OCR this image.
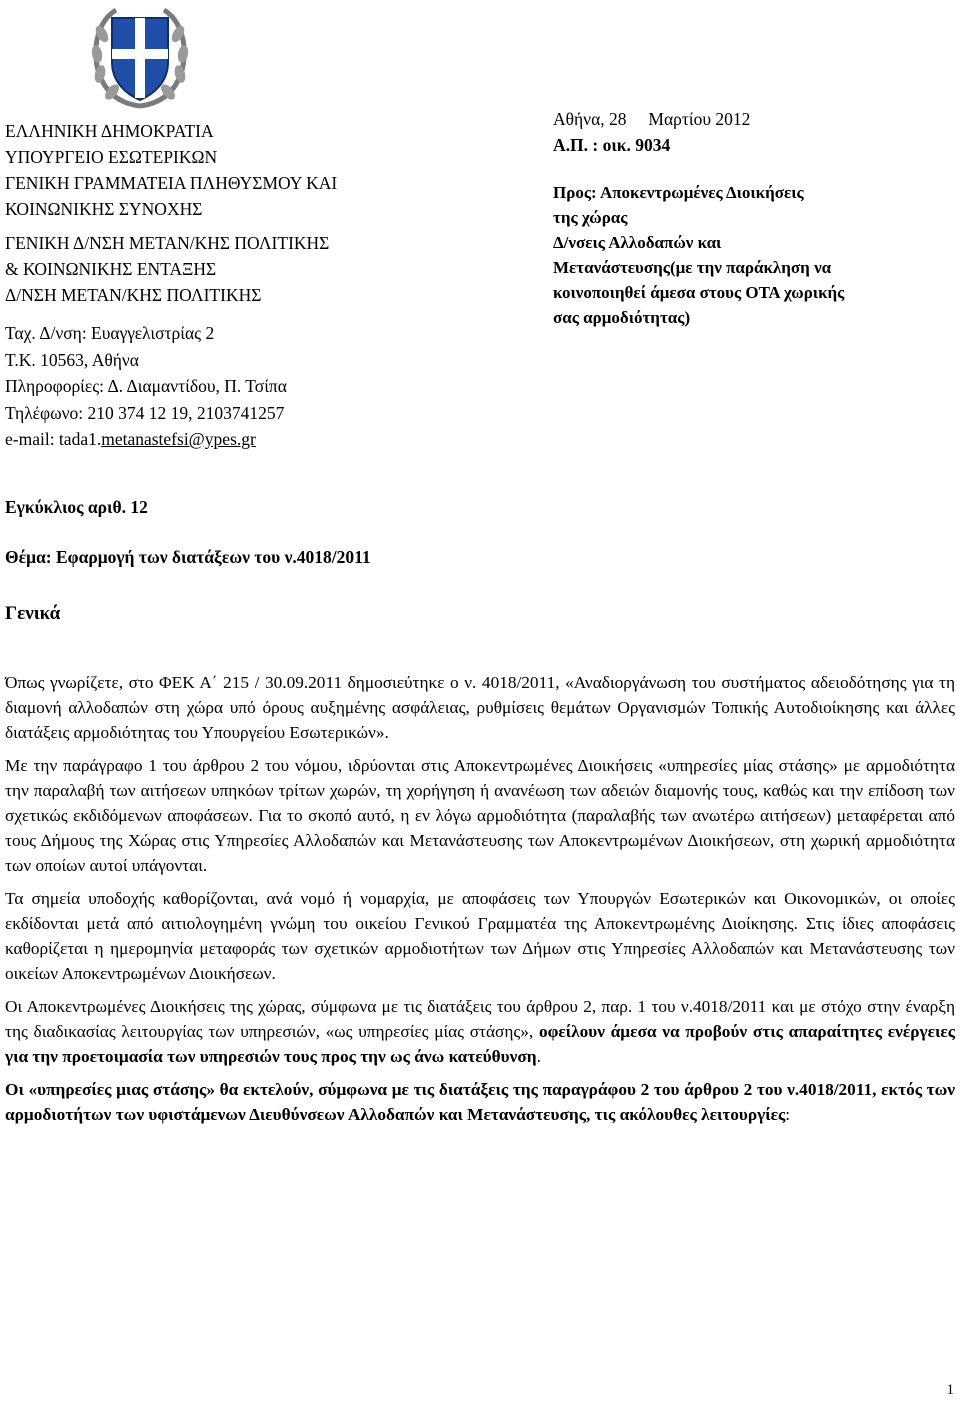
ΕΛΛΗΝΙΚΗ ΔΗΜΟΚΡΑΤΙΑ
ΥΠΟΥΡΓΕΙΟ ΕΣΩΤΕΡΙΚΩΝ
ΓΕΝΙΚΗ ΓΡΑΜΜΑΤΕΙΑ ΠΛΗΘΥΣΜΟΥ ΚΑΙ
ΚΟΙΝΩΝΙΚΗΣ ΣΥΝΟΧΗΣ
ΓΕΝΙΚΗ Δ/ΝΣΗ ΜΕΤΑΝ/ΚΗΣ ΠΟΛΙΤΙΚΗΣ
& ΚΟΙΝΩΝΙΚΗΣ ΕΝΤΑΞΗΣ
Δ/ΝΣΗ ΜΕΤΑΝ/ΚΗΣ ΠΟΛΙΤΙΚΗΣ
Ταχ. Δ/νση: Ευαγγελιστρίας 2
Τ.Κ. 10563, Αθήνα
Πληροφορίες: Δ. Διαμαντίδου, Π. Τσίπα
Τηλέφωνο: 210 374 12 19, 2103741257
e-mail: tada1.metanastefsi@ypes.gr
Αθήνα, 28     Μαρτίου 2012
Α.Π. : οικ. 9034
Προς: Αποκεντρωμένες Διοικήσεις
της χώρας
Δ/νσεις Αλλοδαπών και
Μετανάστευσης(με την παράκληση να
κοινοποιηθεί άμεσα στους ΟΤΑ χωρικής
σας αρμοδιότητας)
Εγκύκλιος αριθ. 12
Θέμα: Εφαρμογή των διατάξεων του ν.4018/2011
Γενικά

Όπως γνωρίζετε, στο ΦΕΚ Α΄ 215 / 30.09.2011 δημοσιεύτηκε ο ν. 4018/2011, «Αναδιοργάνωση του συστήματος αδειοδότησης για τη διαμονή αλλοδαπών στη χώρα υπό όρους αυξημένης ασφάλειας, ρυθμίσεις θεμάτων Οργανισμών Τοπικής Αυτοδιοίκησης και άλλες διατάξεις αρμοδιότητας του Υπουργείου Εσωτερικών».

Με την παράγραφο 1 του άρθρου 2 του νόμου, ιδρύονται στις Αποκεντρωμένες Διοικήσεις «υπηρεσίες μίας στάσης» με αρμοδιότητα την παραλαβή των αιτήσεων υπηκόων τρίτων χωρών, τη χορήγηση ή ανανέωση των αδειών διαμονής τους, καθώς και την επίδοση των σχετικώς εκδιδόμενων αποφάσεων. Για το σκοπό αυτό, η εν λόγω αρμοδιότητα (παραλαβής των ανωτέρω αιτήσεων) μεταφέρεται από τους Δήμους της Χώρας στις Υπηρεσίες Αλλοδαπών και Μετανάστευσης των Αποκεντρωμένων Διοικήσεων, στη χωρική αρμοδιότητα των οποίων αυτοί υπάγονται.

Τα σημεία υποδοχής καθορίζονται, ανά νομό ή νομαρχία, με αποφάσεις των Υπουργών Εσωτερικών και Οικονομικών, οι οποίες εκδίδονται μετά από αιτιολογημένη γνώμη του οικείου Γενικού Γραμματέα της Αποκεντρωμένης Διοίκησης. Στις ίδιες αποφάσεις καθορίζεται η ημερομηνία μεταφοράς των σχετικών αρμοδιοτήτων των Δήμων στις Υπηρεσίες Αλλοδαπών και Μετανάστευσης των οικείων Αποκεντρωμένων Διοικήσεων.

Οι Αποκεντρωμένες Διοικήσεις της χώρας, σύμφωνα με τις διατάξεις του άρθρου 2, παρ. 1 του ν.4018/2011 και με στόχο στην έναρξη της διαδικασίας λειτουργίας των υπηρεσιών, «ως υπηρεσίες μίας στάσης», οφείλουν άμεσα να προβούν στις απαραίτητες ενέργειες για την προετοιμασία των υπηρεσιών τους προς την ως άνω κατεύθυνση.

Οι «υπηρεσίες μιας στάσης» θα εκτελούν, σύμφωνα με τις διατάξεις της παραγράφου 2 του άρθρου 2 του ν.4018/2011, εκτός των αρμοδιοτήτων των υφιστάμενων Διευθύνσεων Αλλοδαπών και Μετανάστευσης, τις ακόλουθες λειτουργίες:

1
